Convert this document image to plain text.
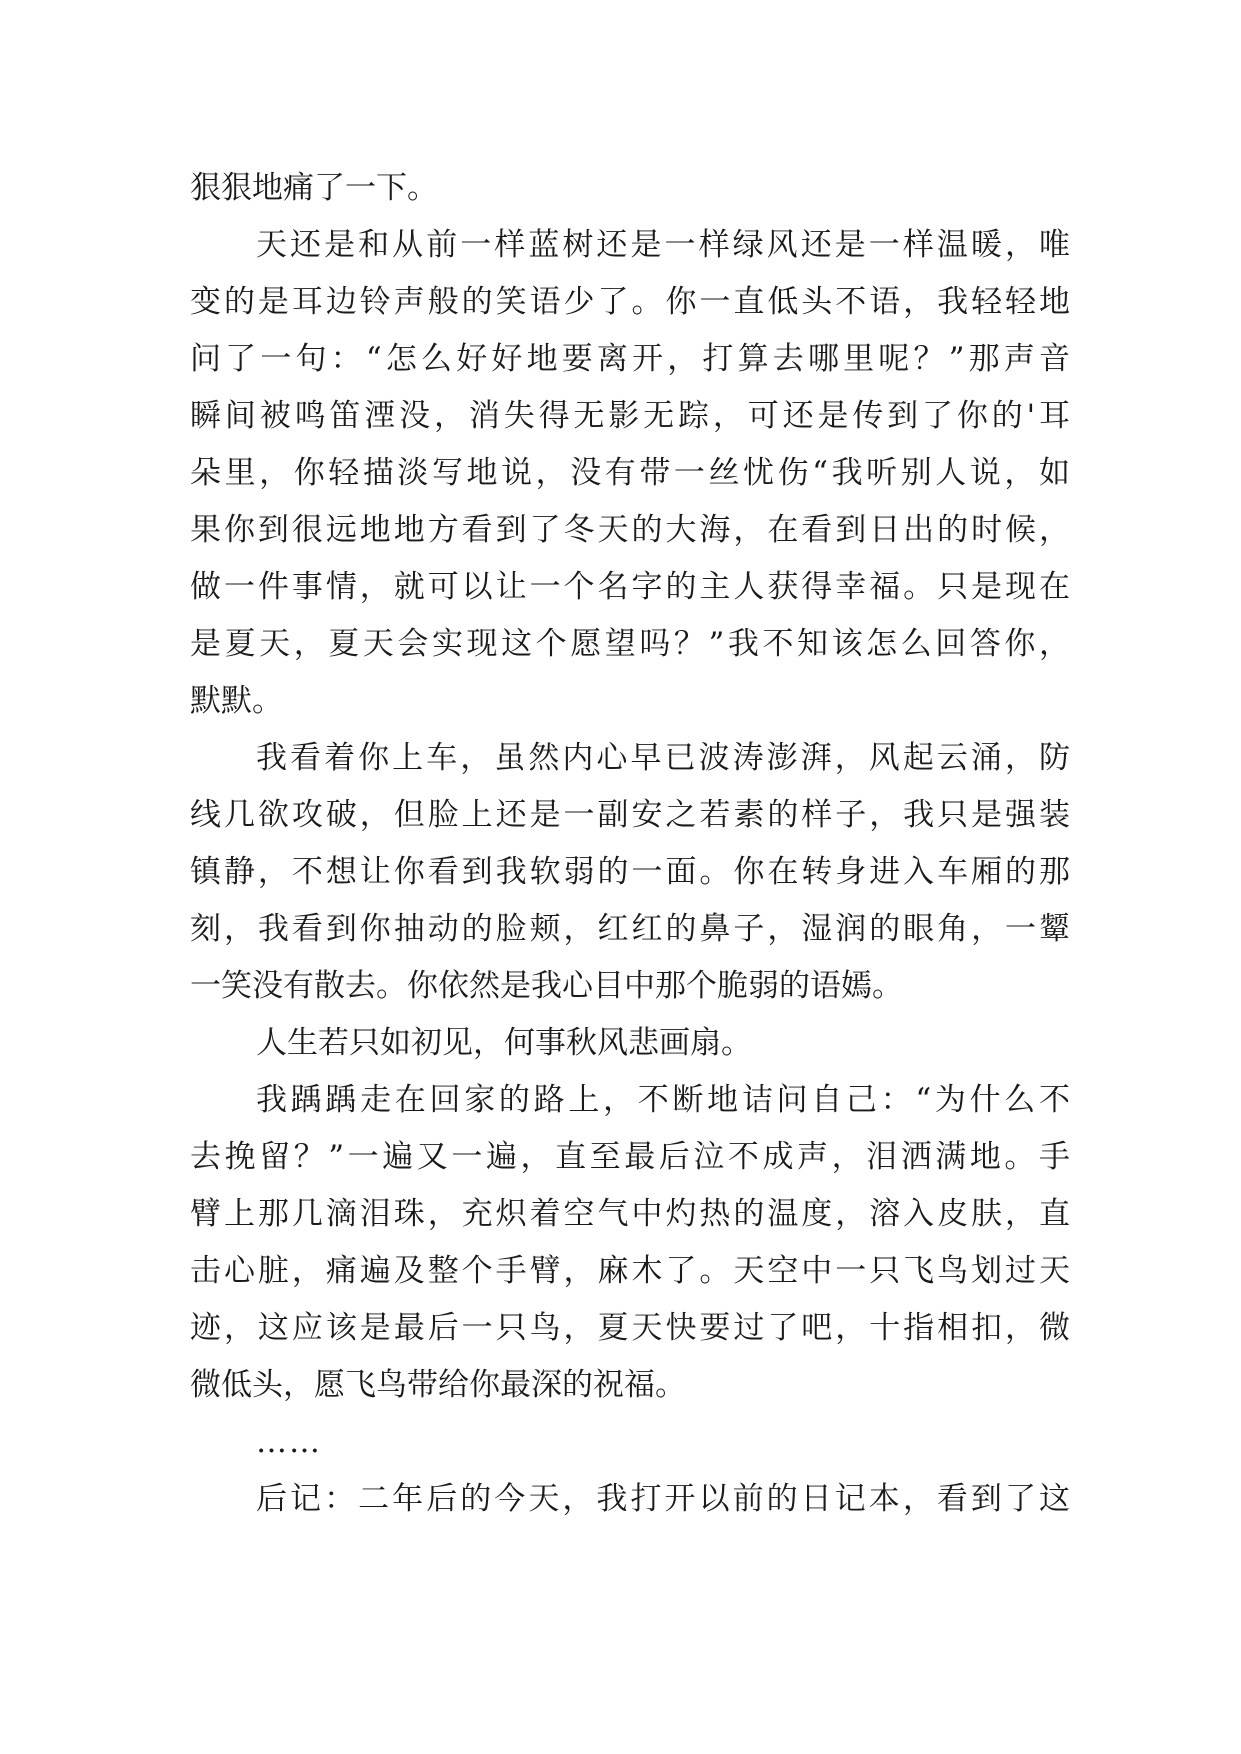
狠狠地痛了一下。
天还是和从前一样蓝树还是一样绿风还是一样温暖，唯
变的是耳边铃声般的笑语少了。你一直低头不语，我轻轻地
问了一句：“怎么好好地要离开，打算去哪里呢？”那声音
瞬间被鸣笛湮没，消失得无影无踪，可还是传到了你的'耳
朵里，你轻描淡写地说，没有带一丝忧伤“我听别人说，如
果你到很远地地方看到了冬天的大海，在看到日出的时候，
做一件事情，就可以让一个名字的主人获得幸福。只是现在
是夏天，夏天会实现这个愿望吗？”我不知该怎么回答你，
默默。
我看着你上车，虽然内心早已波涛澎湃，风起云涌，防
线几欲攻破，但脸上还是一副安之若素的样子，我只是强装
镇静，不想让你看到我软弱的一面。你在转身进入车厢的那
刻，我看到你抽动的脸颊，红红的鼻子，湿润的眼角，一颦
一笑没有散去。你依然是我心目中那个脆弱的语嫣。
人生若只如初见，何事秋风悲画扇。
我踽踽走在回家的路上，不断地诘问自己：“为什么不
去挽留？”一遍又一遍，直至最后泣不成声，泪洒满地。手
臂上那几滴泪珠，充炽着空气中灼热的温度，溶入皮肤，直
击心脏，痛遍及整个手臂，麻木了。天空中一只飞鸟划过天
迹，这应该是最后一只鸟，夏天快要过了吧，十指相扣，微
微低头，愿飞鸟带给你最深的祝福。
……
后记：二年后的今天，我打开以前的日记本，看到了这
